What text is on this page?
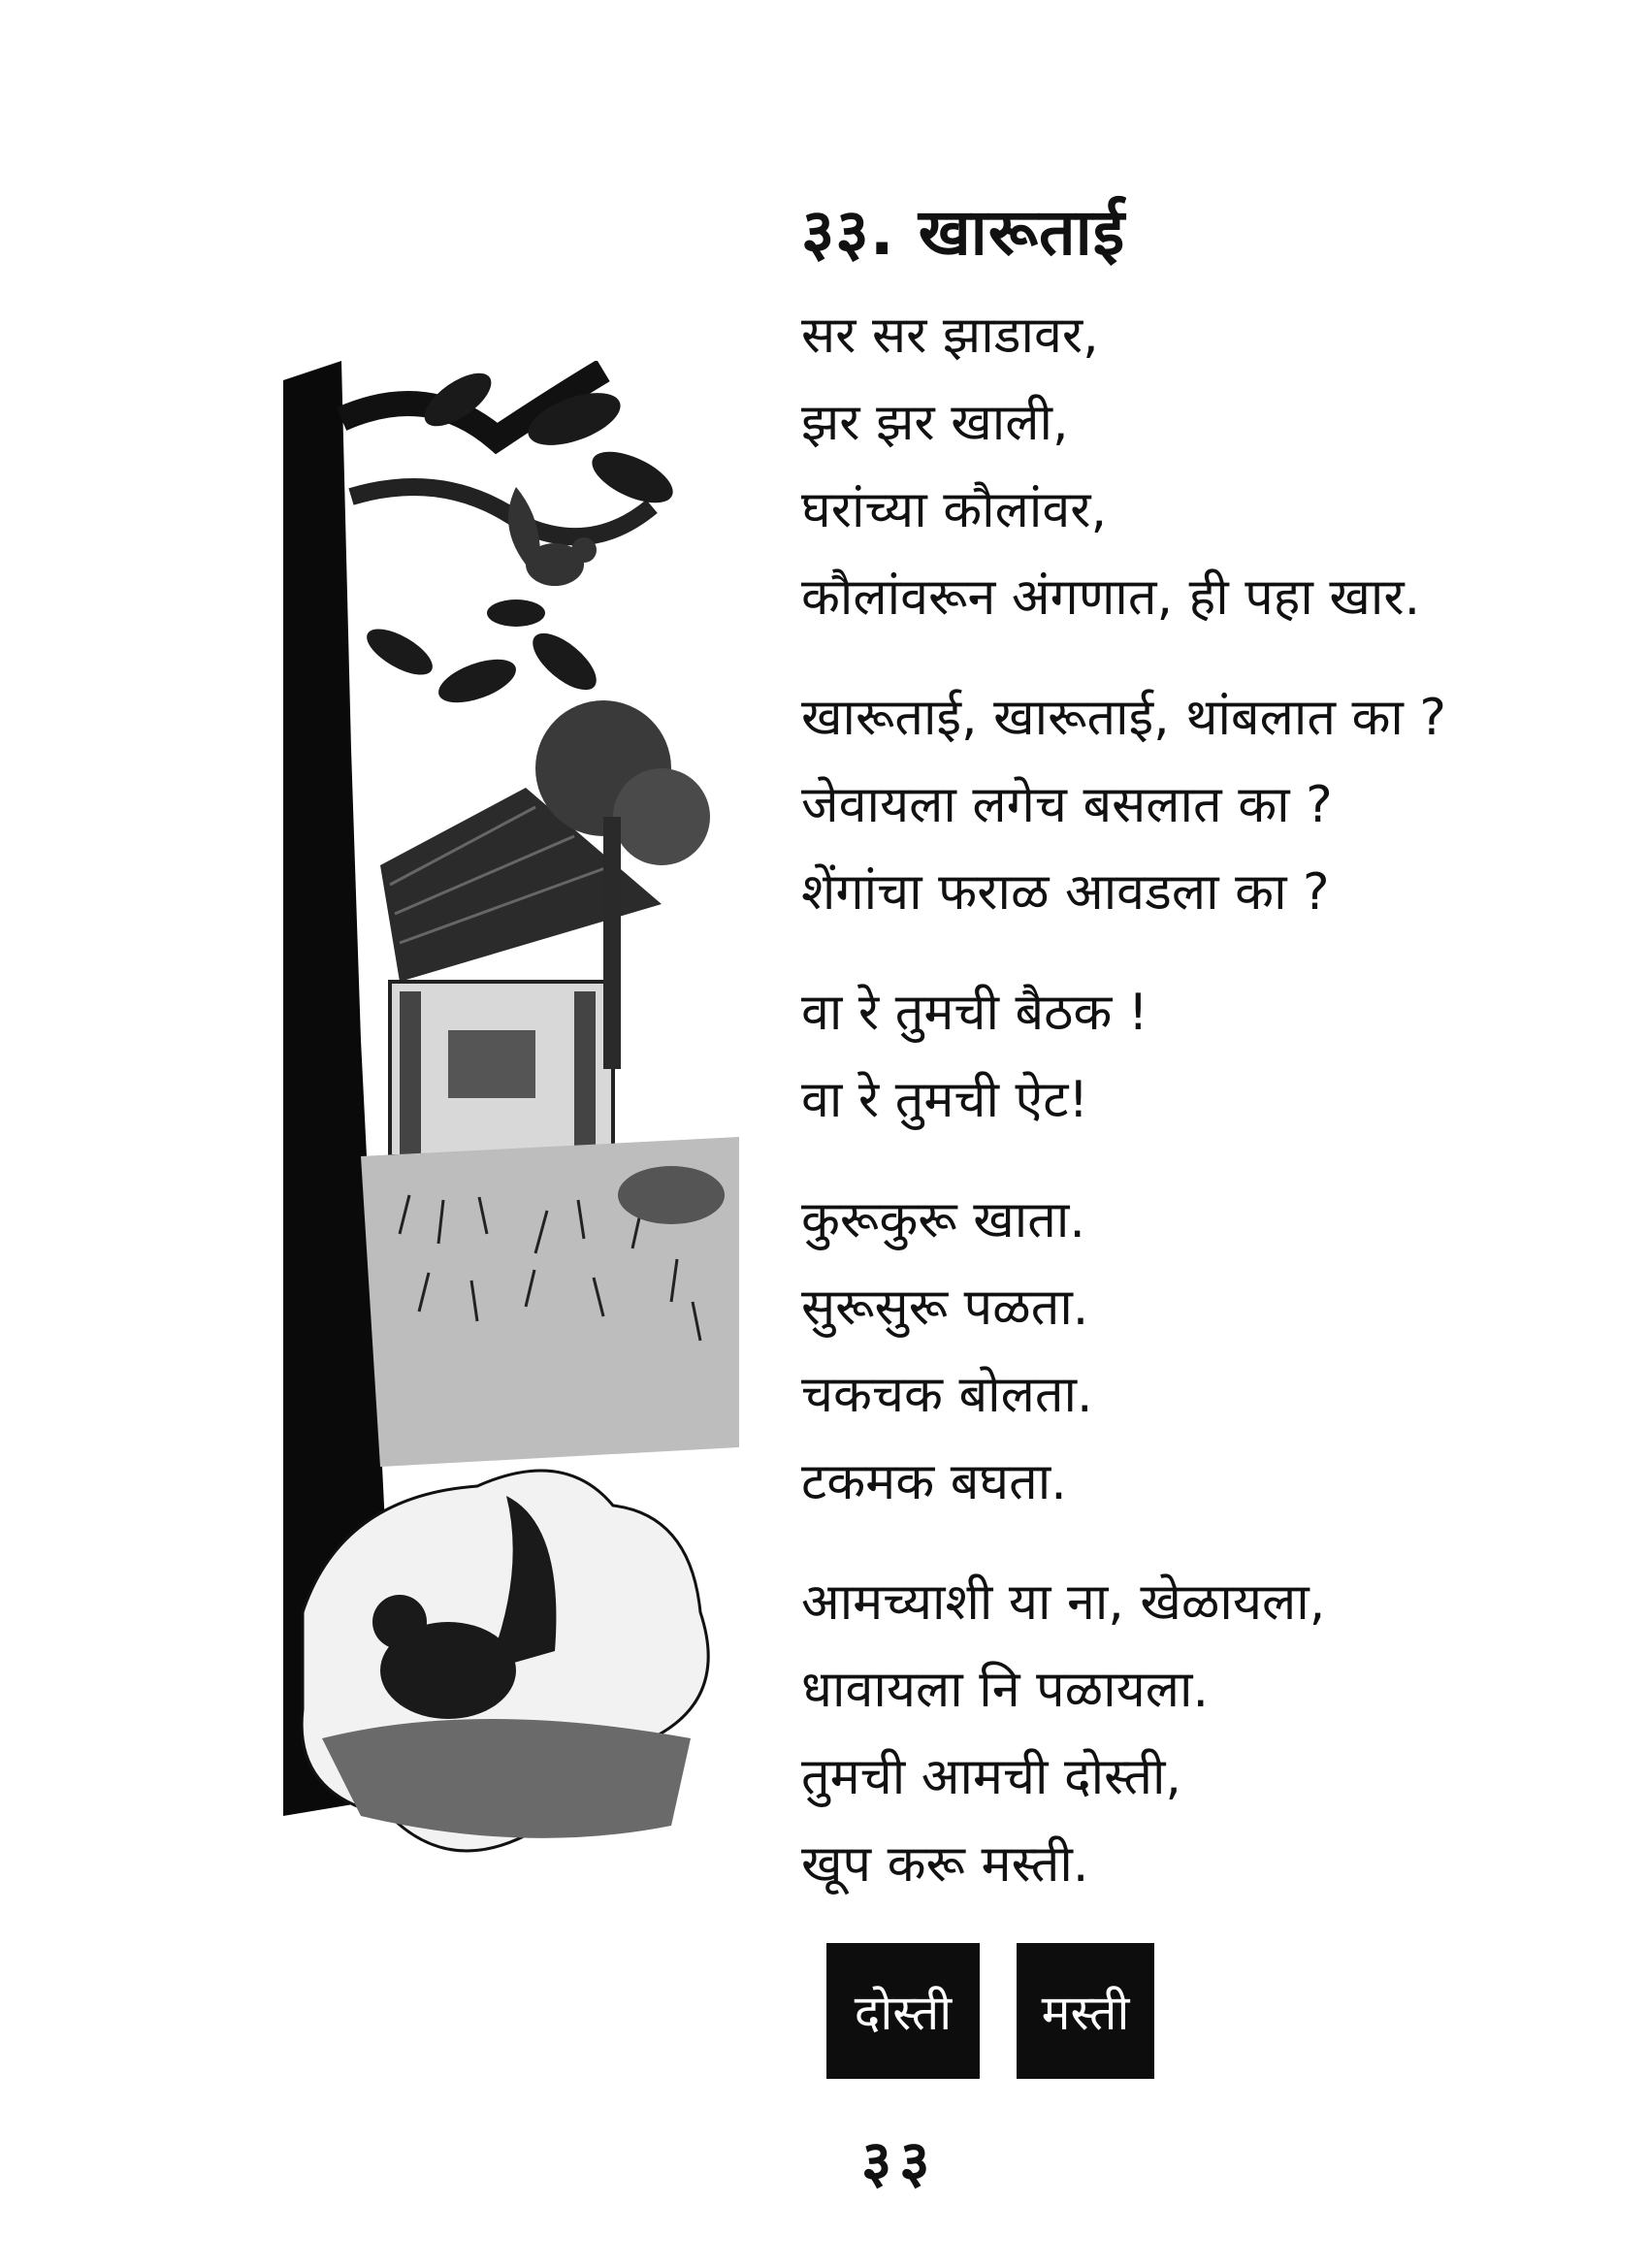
३३. खारूताई
सर सर झाडावर,
झर झर खाली,
घरांच्या कौलांवर,
कौलांवरून अंगणात, ही पहा खार.
खारूताई, खारूताई, थांबलात का ?
जेवायला लगेच बसलात का ?
शेंगांचा फराळ आवडला का ?
वा रे तुमची बैठक !
वा रे तुमची ऐट!
कुरूकुरू खाता.
सुरूसुरू पळता.
चकचक बोलता.
टकमक बघता.
आमच्याशी या ना, खेळायला,
धावायला नि पळायला.
तुमची आमची दोस्ती,
खूप करू मस्ती.
दोस्ती	मस्ती
३३
